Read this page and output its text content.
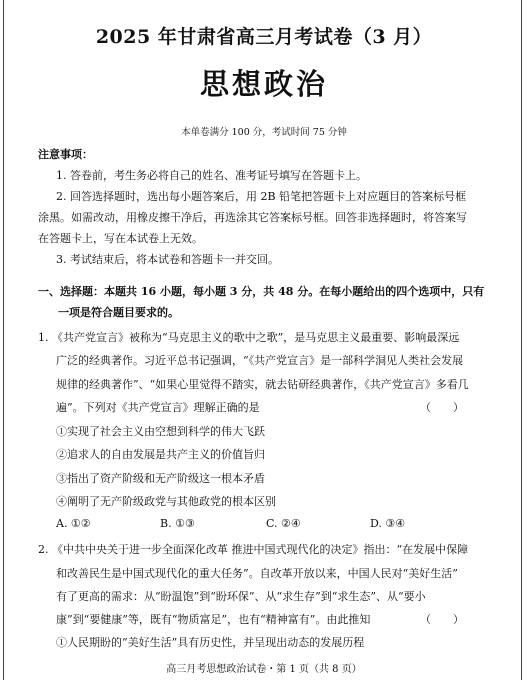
2025 年甘肃省高三月考试卷（3 月）
思想政治
本单卷满分 100 分，考试时间 75 分钟
注意事项：
1. 答卷前，考生务必将自己的姓名、准考证号填写在答题卡上。
2. 回答选择题时，选出每小题答案后，用 2B 铅笔把答题卡上对应题目的答案标号框
涂黑。如需改动，用橡皮擦干净后，再选涂其它答案标号框。回答非选择题时，将答案写
在答题卡上，写在本试卷上无效。
3. 考试结束后，将本试卷和答题卡一并交回。
一、选择题：本题共 16 小题，每小题 3 分，共 48 分。在每小题给出的四个选项中，只有
一项是符合题目要求的。
1. 《共产党宣言》被称为“马克思主义的歌中之歌”，是马克思主义最重要、影响最深远
广泛的经典著作。习近平总书记强调，“《共产党宣言》是一部科学洞见人类社会发展
规律的经典著作”、“如果心里觉得不踏实，就去钻研经典著作，《共产党宣言》多看几
遍”。下列对《共产党宣言》理解正确的是	（　　）
①实现了社会主义由空想到科学的伟大飞跃
②追求人的自由发展是共产主义的价值旨归
③指出了资产阶级和无产阶级这一根本矛盾
④阐明了无产阶级政党与其他政党的根本区别
A. ①②	B. ①③	C. ②④	D. ③④
2. 《中共中央关于进一步全面深化改革 推进中国式现代化的决定》指出：“在发展中保障
和改善民生是中国式现代化的重大任务”。自改革开放以来，中国人民对“美好生活”
有了更高的需求：从“盼温饱”到“盼环保”、从“求生存”到“求生态”、从“要小
康”到“要健康”等，既有“物质富足”，也有“精神富有”。由此推知	（　　）
①人民期盼的“美好生活”具有历史性，并呈现出动态的发展历程
高三月考思想政治试卷・第 1 页（共 8 页）
